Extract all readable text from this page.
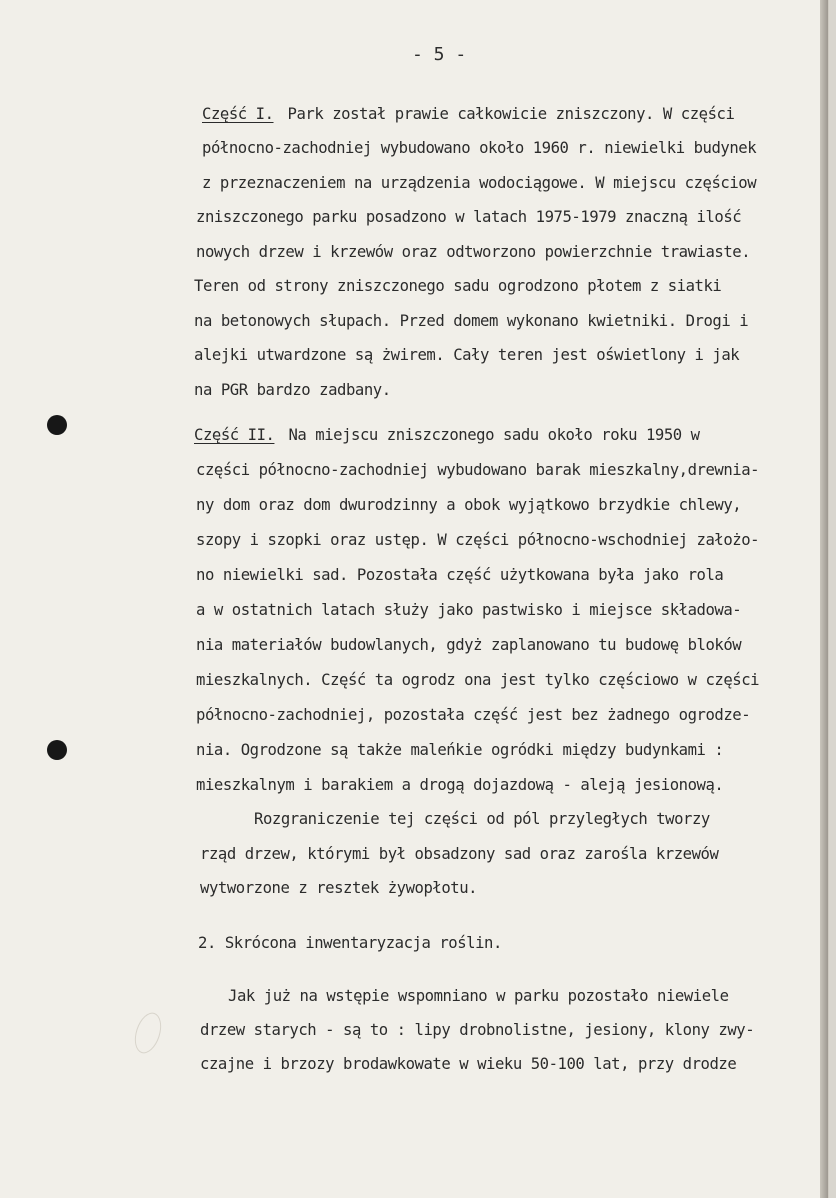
- 5 -
Część I. Park został prawie całkowicie zniszczony. W części
północno-zachodniej wybudowano około 1960 r. niewielki budynek
z przeznaczeniem na urządzenia wodociągowe. W miejscu częściow
zniszczonego parku posadzono w latach 1975-1979 znaczną ilość
nowych drzew i krzewów oraz odtworzono powierzchnie trawiaste.
Teren od strony zniszczonego sadu ogrodzono płotem z siatki
na betonowych słupach. Przed domem wykonano kwietniki. Drogi i
alejki utwardzone są żwirem. Cały teren jest oświetlony i jak
na PGR bardzo zadbany.
Część II. Na miejscu zniszczonego sadu około roku 1950 w
części północno-zachodniej wybudowano barak mieszkalny,drewnia-
ny dom oraz dom dwurodzinny a obok wyjątkowo brzydkie chlewy,
szopy i szopki oraz ustęp. W części północno-wschodniej założo-
no niewielki sad. Pozostała część użytkowana była jako rola
a w ostatnich latach służy jako pastwisko i miejsce składowa-
nia materiałów budowlanych, gdyż zaplanowano tu budowę bloków
mieszkalnych. Część ta ogrodz ona jest tylko częściowo w części
północno-zachodniej, pozostała część jest bez żadnego ogrodze-
nia. Ogrodzone są także maleńkie ogródki między budynkami :
mieszkalnym i barakiem a drogą dojazdową - aleją jesionową.
Rozgraniczenie tej części od pól przyległych tworzy
rząd drzew, którymi był obsadzony sad oraz zarośla krzewów
wytworzone z resztek żywopłotu.
2. Skrócona inwentaryzacja roślin.
Jak już na wstępie wspomniano w parku pozostało niewiele
drzew starych - są to : lipy drobnolistne, jesiony, klony zwy-
czajne i brzozy brodawkowate w wieku 50-100 lat, przy drodze
